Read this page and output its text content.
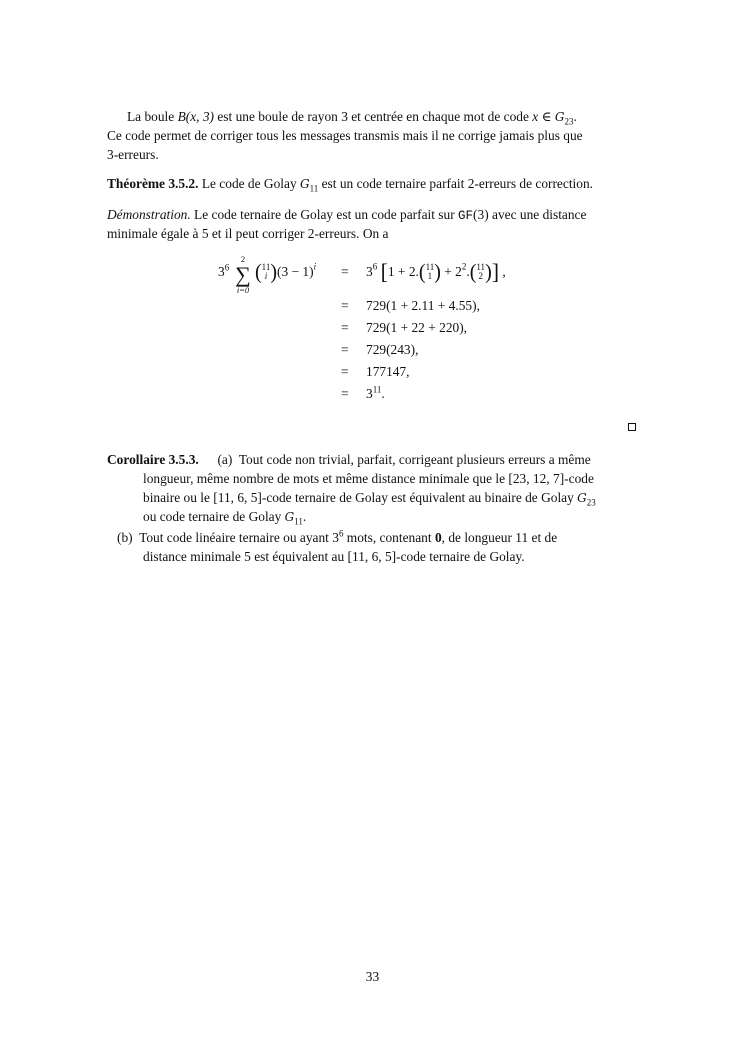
La boule B(x, 3) est une boule de rayon 3 et centrée en chaque mot de code x ∈ $G_{23}$.
Ce code permet de corriger tous les messages transmis mais il ne corrige jamais plus que
3-erreurs.
Théorème 3.5.2. Le code de Golay $G_{11}$ est un code ternaire parfait 2-erreurs de correction.
Démonstration. Le code ternaire de Golay est un code parfait sur GF(3) avec une distance
minimale égale à 5 et il peut corriger 2-erreurs. On a
$3^6$
2
∑
i=0
(11
i )$(3 - 1)^i$ =
=
=
=
=
=
$3^6$ [1 + 2.(11
1 ) + $2^2.(11$
2 )] ,
729(1 + 2.11 + 4.55),
729(1 + 22 + 220),
729(243),
177147,
$3^{11}$.
Corollaire 3.5.3. (a) Tout code non trivial, parfait, corrigeant plusieurs erreurs a même
longueur, même nombre de mots et même distance minimale que le [23, 12, 7]-code
binaire ou le [11, 6, 5]-code ternaire de Golay est équivalent au binaire de Golay $G_{23}$
ou code ternaire de Golay $G_{11}$.
(b) Tout code linéaire ternaire ou ayant $3^6$ mots, contenant 0, de longueur 11 et de
distance minimale 5 est équivalent au [11, 6, 5]-code ternaire de Golay.
33
